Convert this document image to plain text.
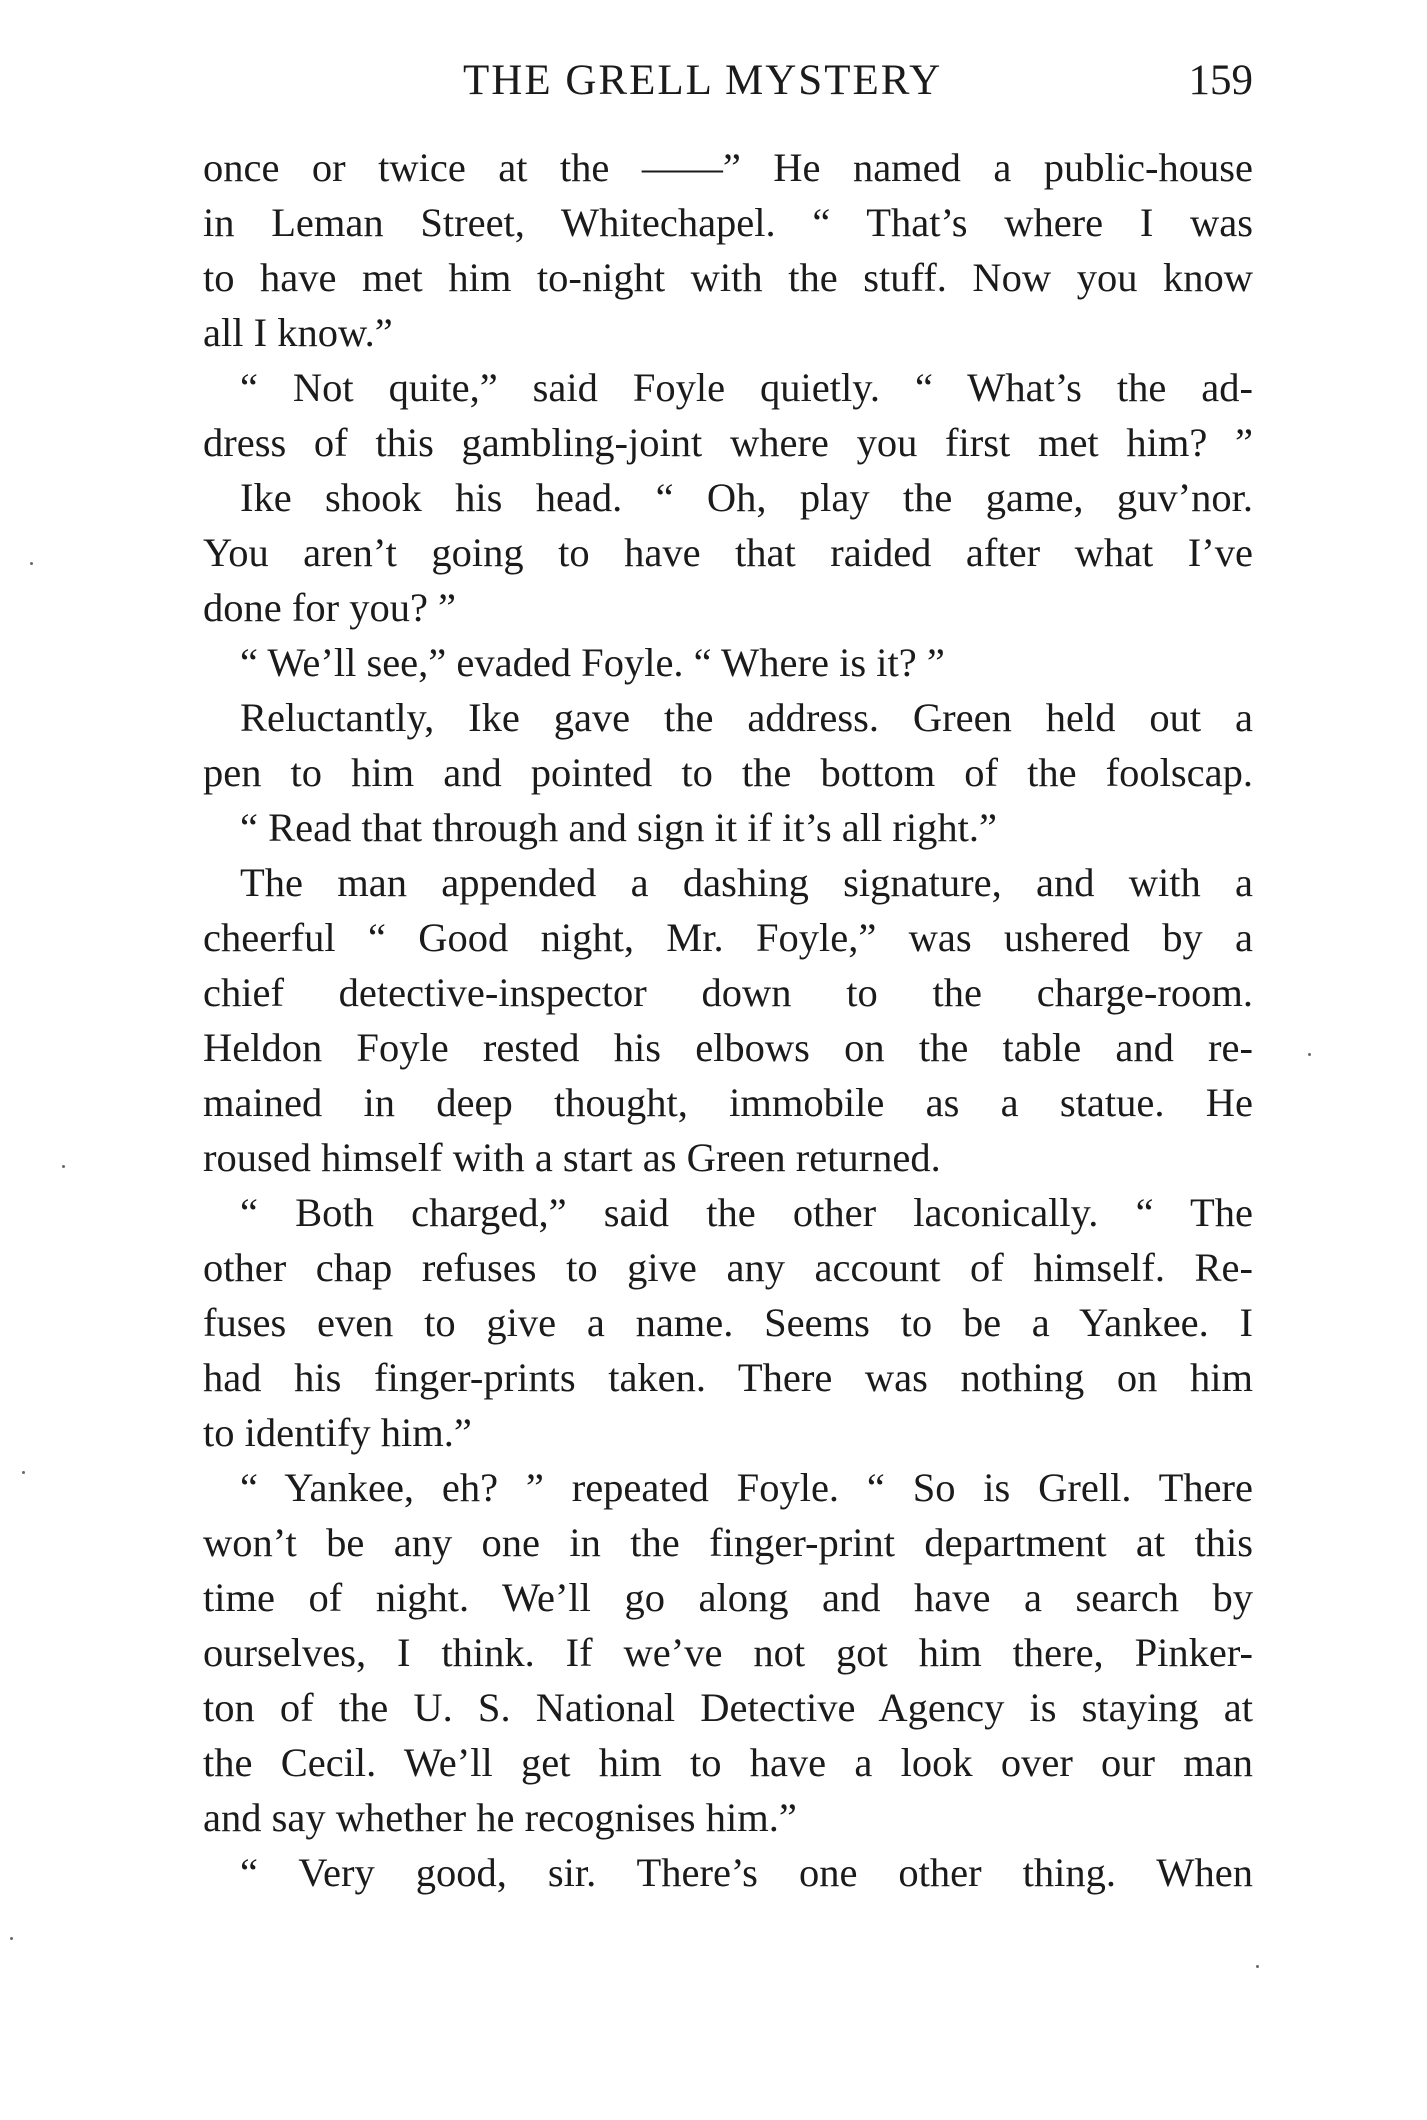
THE GRELL MYSTERY	159
once or twice at the ——” He named a public-house
in Leman Street, Whitechapel. “ That’s where I was
to have met him to-night with the stuff. Now you know
all I know.”
“ Not quite,” said Foyle quietly. “ What’s the ad-
dress of this gambling-joint where you first met him? ”
Ike shook his head. “ Oh, play the game, guv’nor.
You aren’t going to have that raided after what I’ve
done for you? ”
“ We’ll see,” evaded Foyle. “ Where is it? ”
Reluctantly, Ike gave the address. Green held out a
pen to him and pointed to the bottom of the foolscap.
“ Read that through and sign it if it’s all right.”
The man appended a dashing signature, and with a
cheerful “ Good night, Mr. Foyle,” was ushered by a
chief detective-inspector down to the charge-room.
Heldon Foyle rested his elbows on the table and re-
mained in deep thought, immobile as a statue. He
roused himself with a start as Green returned.
“ Both charged,” said the other laconically. “ The
other chap refuses to give any account of himself. Re-
fuses even to give a name. Seems to be a Yankee. I
had his finger-prints taken. There was nothing on him
to identify him.”
“ Yankee, eh? ” repeated Foyle. “ So is Grell. There
won’t be any one in the finger-print department at this
time of night. We’ll go along and have a search by
ourselves, I think. If we’ve not got him there, Pinker-
ton of the U. S. National Detective Agency is staying at
the Cecil. We’ll get him to have a look over our man
and say whether he recognises him.”
“ Very good, sir. There’s one other thing. When
